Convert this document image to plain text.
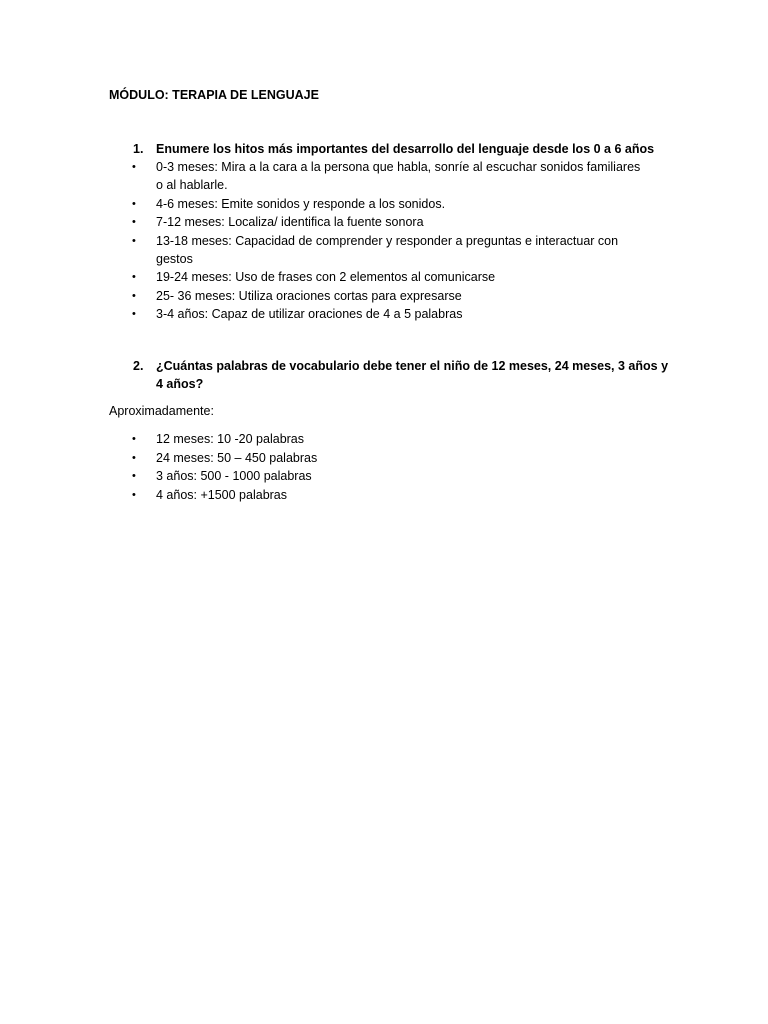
MÓDULO: TERAPIA DE LENGUAJE
1. Enumere los hitos más importantes del desarrollo del lenguaje desde los 0 a 6 años
• 0-3 meses: Mira a la cara a la persona que habla, sonríe al escuchar sonidos familiares o al hablarle.
• 4-6 meses: Emite sonidos y responde a los sonidos.
• 7-12 meses: Localiza/ identifica la fuente sonora
• 13-18 meses: Capacidad de comprender y responder a preguntas e interactuar con gestos
• 19-24 meses: Uso de frases con 2 elementos al comunicarse
• 25- 36 meses: Utiliza oraciones cortas para expresarse
• 3-4 años: Capaz de utilizar oraciones de 4 a 5 palabras
2. ¿Cuántas palabras de vocabulario debe tener el niño de 12 meses, 24 meses, 3 años y 4 años?
Aproximadamente:
• 12 meses: 10 -20 palabras
• 24 meses: 50 – 450 palabras
• 3 años: 500 - 1000 palabras
• 4 años: +1500 palabras
